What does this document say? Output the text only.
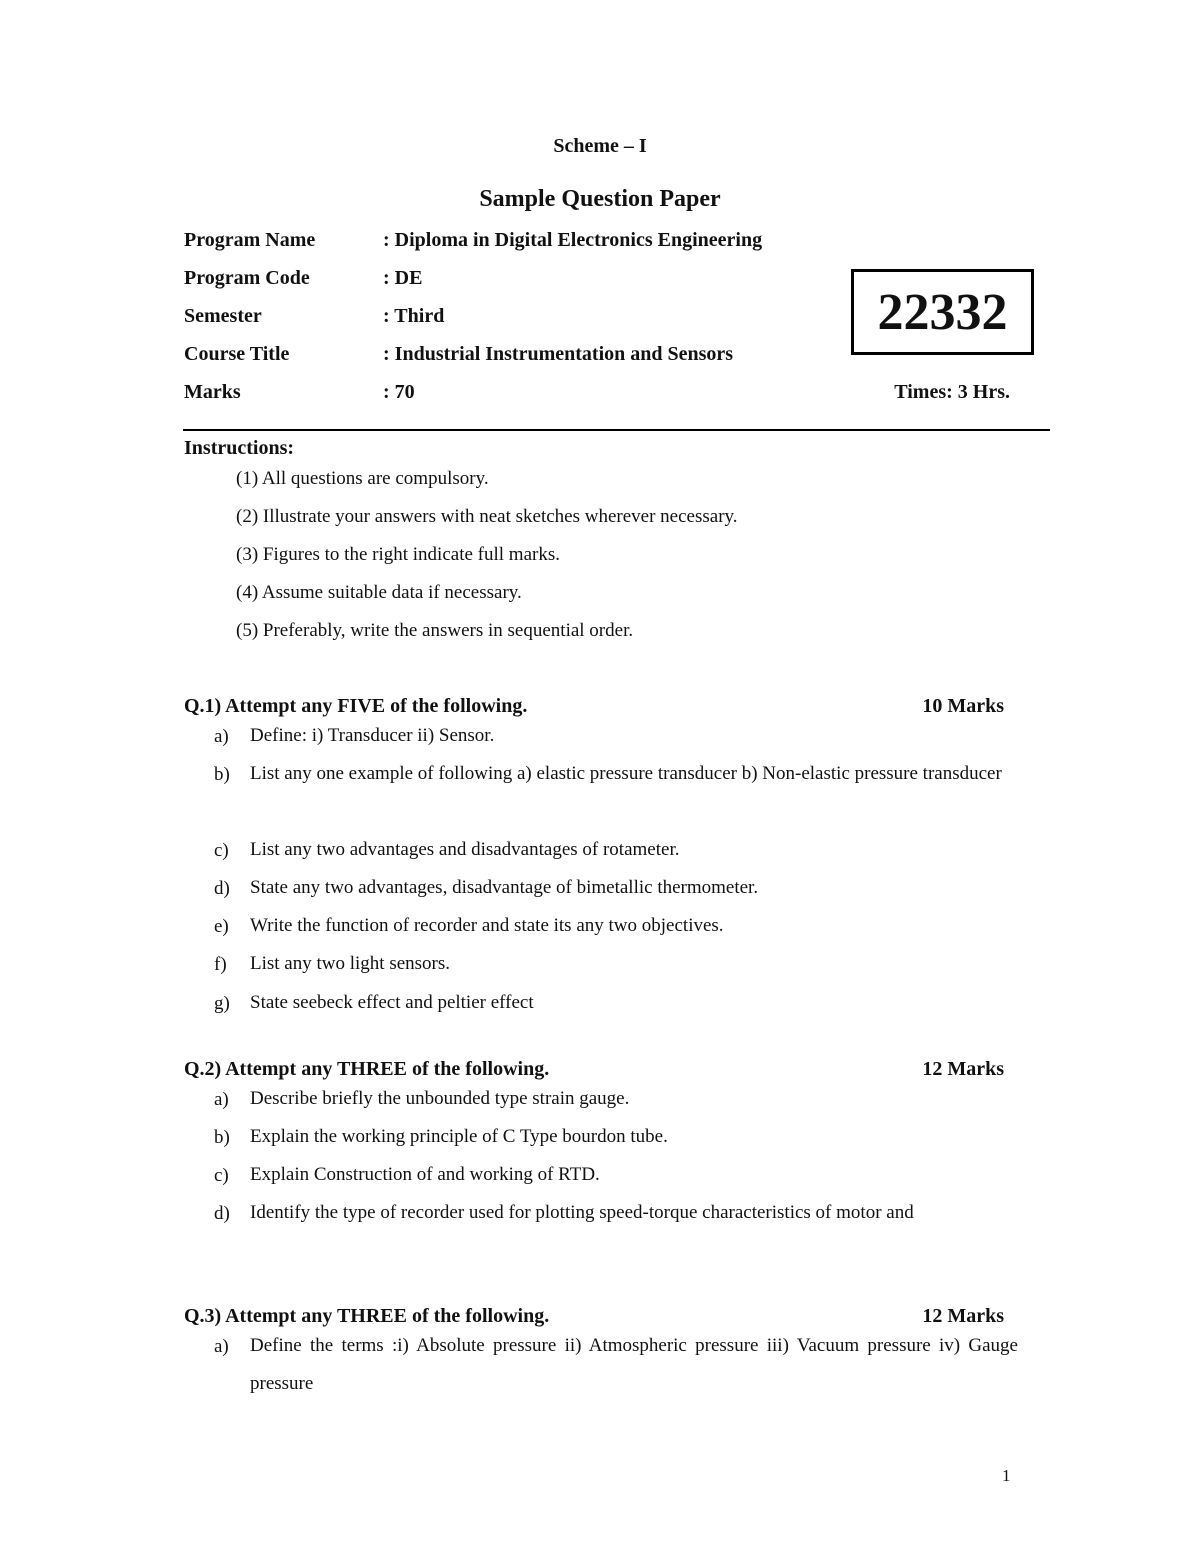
Scheme – I
Sample Question Paper
Program Name	: Diploma in Digital Electronics Engineering
Program Code	: DE
Semester	: Third
Course Title	: Industrial Instrumentation and Sensors
Marks	: 70
22332
Times: 3 Hrs.
Instructions:
(1) All questions are compulsory.
(2) Illustrate your answers with neat sketches wherever necessary.
(3) Figures to the right indicate full marks.
(4) Assume suitable data if necessary.
(5) Preferably, write the answers in sequential order.
Q.1) Attempt any FIVE of the following.	10 Marks
a)	Define: i) Transducer ii) Sensor.
b)	List any one example of following a) elastic pressure transducer b) Non-elastic pressure transducer
c)	List any two advantages and disadvantages of rotameter.
d)	State any two advantages, disadvantage of bimetallic thermometer.
e)	Write the function of recorder and state its any two objectives.
f)	List any two light sensors.
g)	State seebeck effect and peltier effect
Q.2) Attempt any THREE of the following.	12 Marks
a)	Describe briefly the unbounded type strain gauge.
b)	Explain the working principle of C Type bourdon tube.
c)	Explain Construction of and working of RTD.
d)	Identify the type of recorder used for plotting speed-torque characteristics of motor and
Q.3) Attempt any THREE of the following.	12 Marks
a)	Define the terms :i) Absolute pressure ii) Atmospheric pressure iii) Vacuum pressure iv) Gauge pressure
1
